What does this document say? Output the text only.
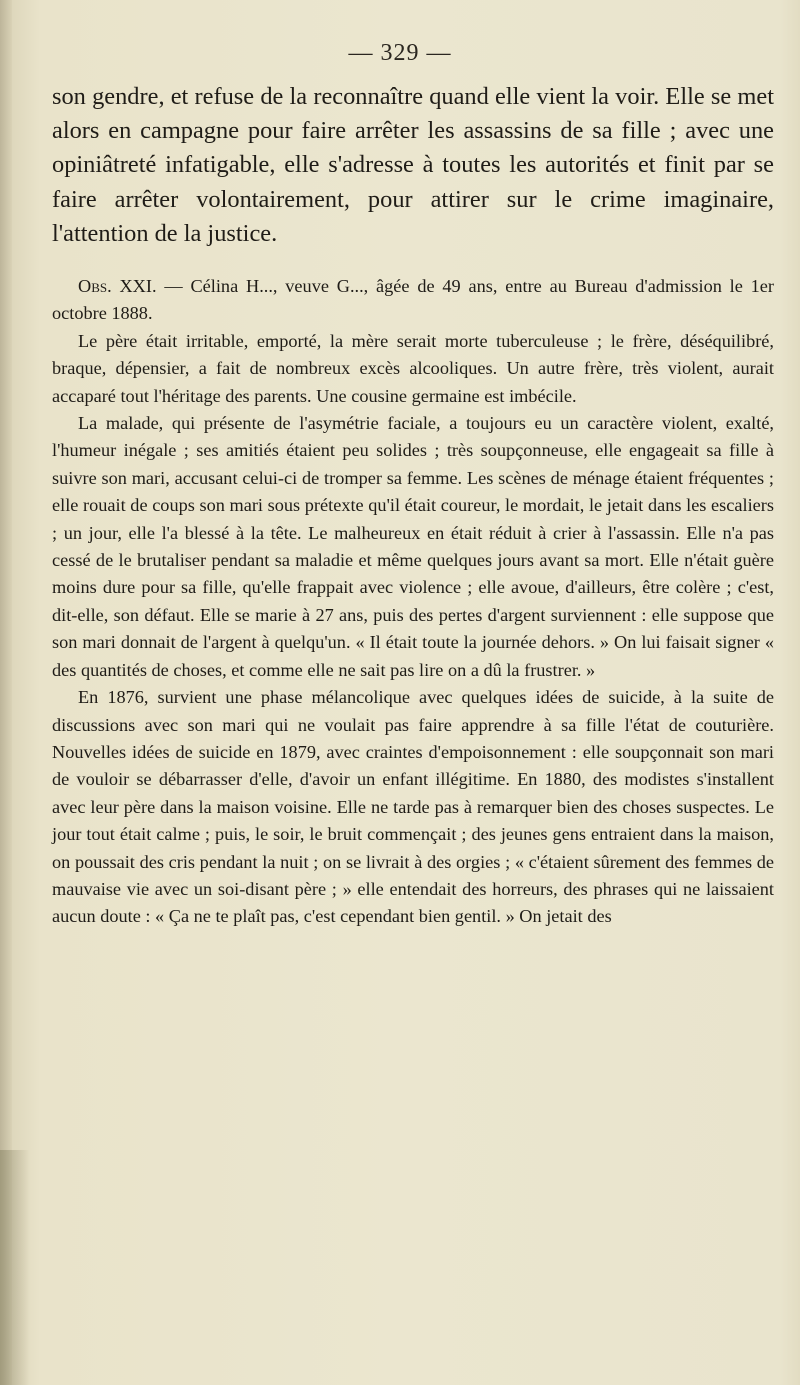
— 329 —

son gendre, et refuse de la reconnaître quand elle vient la voir. Elle se met alors en campagne pour faire arrêter les assassins de sa fille ; avec une opiniâtreté infatigable, elle s'adresse à toutes les autorités et finit par se faire arrêter volontairement, pour attirer sur le crime imaginaire, l'attention de la justice.

Obs. XXI. — Célina H..., veuve G..., âgée de 49 ans, entre au Bureau d'admission le 1er octobre 1888.

Le père était irritable, emporté, la mère serait morte tuberculeuse ; le frère, déséquilibré, braque, dépensier, a fait de nombreux excès alcooliques. Un autre frère, très violent, aurait accaparé tout l'héritage des parents. Une cousine germaine est imbécile.

La malade, qui présente de l'asymétrie faciale, a toujours eu un caractère violent, exalté, l'humeur inégale ; ses amitiés étaient peu solides ; très soupçonneuse, elle engageait sa fille à suivre son mari, accusant celui-ci de tromper sa femme. Les scènes de ménage étaient fréquentes ; elle rouait de coups son mari sous prétexte qu'il était coureur, le mordait, le jetait dans les escaliers ; un jour, elle l'a blessé à la tête. Le malheureux en était réduit à crier à l'assassin. Elle n'a pas cessé de le brutaliser pendant sa maladie et même quelques jours avant sa mort. Elle n'était guère moins dure pour sa fille, qu'elle frappait avec violence ; elle avoue, d'ailleurs, être colère ; c'est, dit-elle, son défaut. Elle se marie à 27 ans, puis des pertes d'argent surviennent : elle suppose que son mari donnait de l'argent à quelqu'un. « Il était toute la journée dehors. » On lui faisait signer « des quantités de choses, et comme elle ne sait pas lire on a dû la frustrer. »

En 1876, survient une phase mélancolique avec quelques idées de suicide, à la suite de discussions avec son mari qui ne voulait pas faire apprendre à sa fille l'état de couturière. Nouvelles idées de suicide en 1879, avec craintes d'empoisonnement : elle soupçonnait son mari de vouloir se débarrasser d'elle, d'avoir un enfant illégitime. En 1880, des modistes s'installent avec leur père dans la maison voisine. Elle ne tarde pas à remarquer bien des choses suspectes. Le jour tout était calme ; puis, le soir, le bruit commençait ; des jeunes gens entraient dans la maison, on poussait des cris pendant la nuit ; on se livrait à des orgies ; « c'étaient sûrement des femmes de mauvaise vie avec un soi-disant père ; » elle entendait des horreurs, des phrases qui ne laissaient aucun doute : « Ça ne te plaît pas, c'est cependant bien gentil. » On jetait des
